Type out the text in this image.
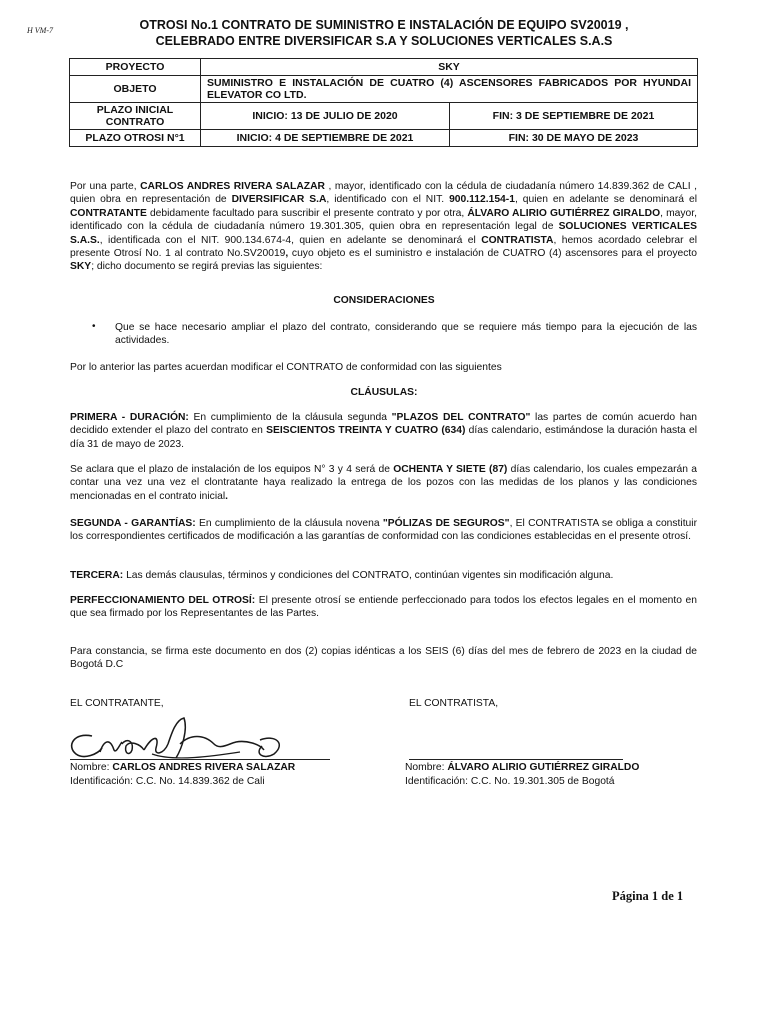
H VM-7	OTROSI No.1 CONTRATO DE SUMINISTRO E INSTALACIÓN DE EQUIPO SV20019 ,
CELEBRADO ENTRE DIVERSIFICAR S.A Y SOLUCIONES VERTICALES S.A.S
PROYECTO	SKY	
OBJETO	SUMINISTRO E INSTALACIÓN DE CUATRO (4) ASCENSORES FABRICADOS POR HYUNDAI ELEVATOR CO LTD.	
PLAZO INICIAL CONTRATO	INICIO: 13 DE JULIO DE 2020	FIN: 3 DE SEPTIEMBRE DE 2021
PLAZO OTROSI N°1	INICIO: 4 DE SEPTIEMBRE DE 2021	FIN: 30 DE MAYO DE 2023
Por una parte, CARLOS ANDRES RIVERA SALAZAR , mayor, identificado con la cédula de ciudadanía número 14.839.362 de CALI , quien obra en representación de DIVERSIFICAR S.A, identificado con el NIT. 900.112.154-1, quien en adelante se denominará el CONTRATANTE debidamente facultado para suscribir el presente contrato y por otra, ÁLVARO ALIRIO GUTIÉRREZ GIRALDO, mayor, identificado con la cédula de ciudadanía número 19.301.305, quien obra en representación legal de SOLUCIONES VERTICALES S.A.S., identificada con el NIT. 900.134.674-4, quien en adelante se denominará el CONTRATISTA, hemos acordado celebrar el presente Otrosí No. 1 al contrato No.SV20019, cuyo objeto es el suministro e instalación de CUATRO (4) ascensores para el proyecto SKY; dicho documento se regirá previas las siguientes:
CONSIDERACIONES
• Que se hace necesario ampliar el plazo del contrato, considerando que se requiere más tiempo para la ejecución de las actividades.
Por lo anterior las partes acuerdan modificar el CONTRATO de conformidad con las siguientes
CLÁUSULAS:
PRIMERA - DURACIÓN: En cumplimiento de la cláusula segunda "PLAZOS DEL CONTRATO" las partes de común acuerdo han decidido extender el plazo del contrato en SEISCIENTOS TREINTA Y CUATRO (634) días calendario, estimándose la duración hasta el día 31 de mayo de 2023.
Se aclara que el plazo de instalación de los equipos N° 3 y 4 será de OCHENTA Y SIETE (87) días calendario, los cuales empezarán a contar una vez una vez el clontratante haya realizado la entrega de los pozos con las medidas de los planos y las condiciones mencionadas en el contrato inicial.
SEGUNDA - GARANTÍAS: En cumplimiento de la cláusula novena "PÓLIZAS DE SEGUROS", El CONTRATISTA se obliga a constituir los correspondientes certificados de modificación a las garantías de conformidad con las condiciones establecidas en el presente otrosí.
TERCERA: Las demás clausulas, términos y condiciones del CONTRATO, continúan vigentes sin modificación alguna.
PERFECCIONAMIENTO DEL OTROSÍ: El presente otrosí se entiende perfeccionado para todos los efectos legales en el momento en que sea firmado por los Representantes de las Partes.
Para constancia, se firma este documento en dos (2) copias idénticas a los SEIS (6) días del mes de febrero de 2023 en la ciudad de Bogotá D.C
EL CONTRATANTE,	EL CONTRATISTA,
Nombre: CARLOS ANDRES RIVERA SALAZAR
Identificación: C.C. No. 14.839.362 de Cali
Nombre: ÁLVARO ALIRIO GUTIÉRREZ GIRALDO
Identificación: C.C. No. 19.301.305 de Bogotá
Página 1 de 1
